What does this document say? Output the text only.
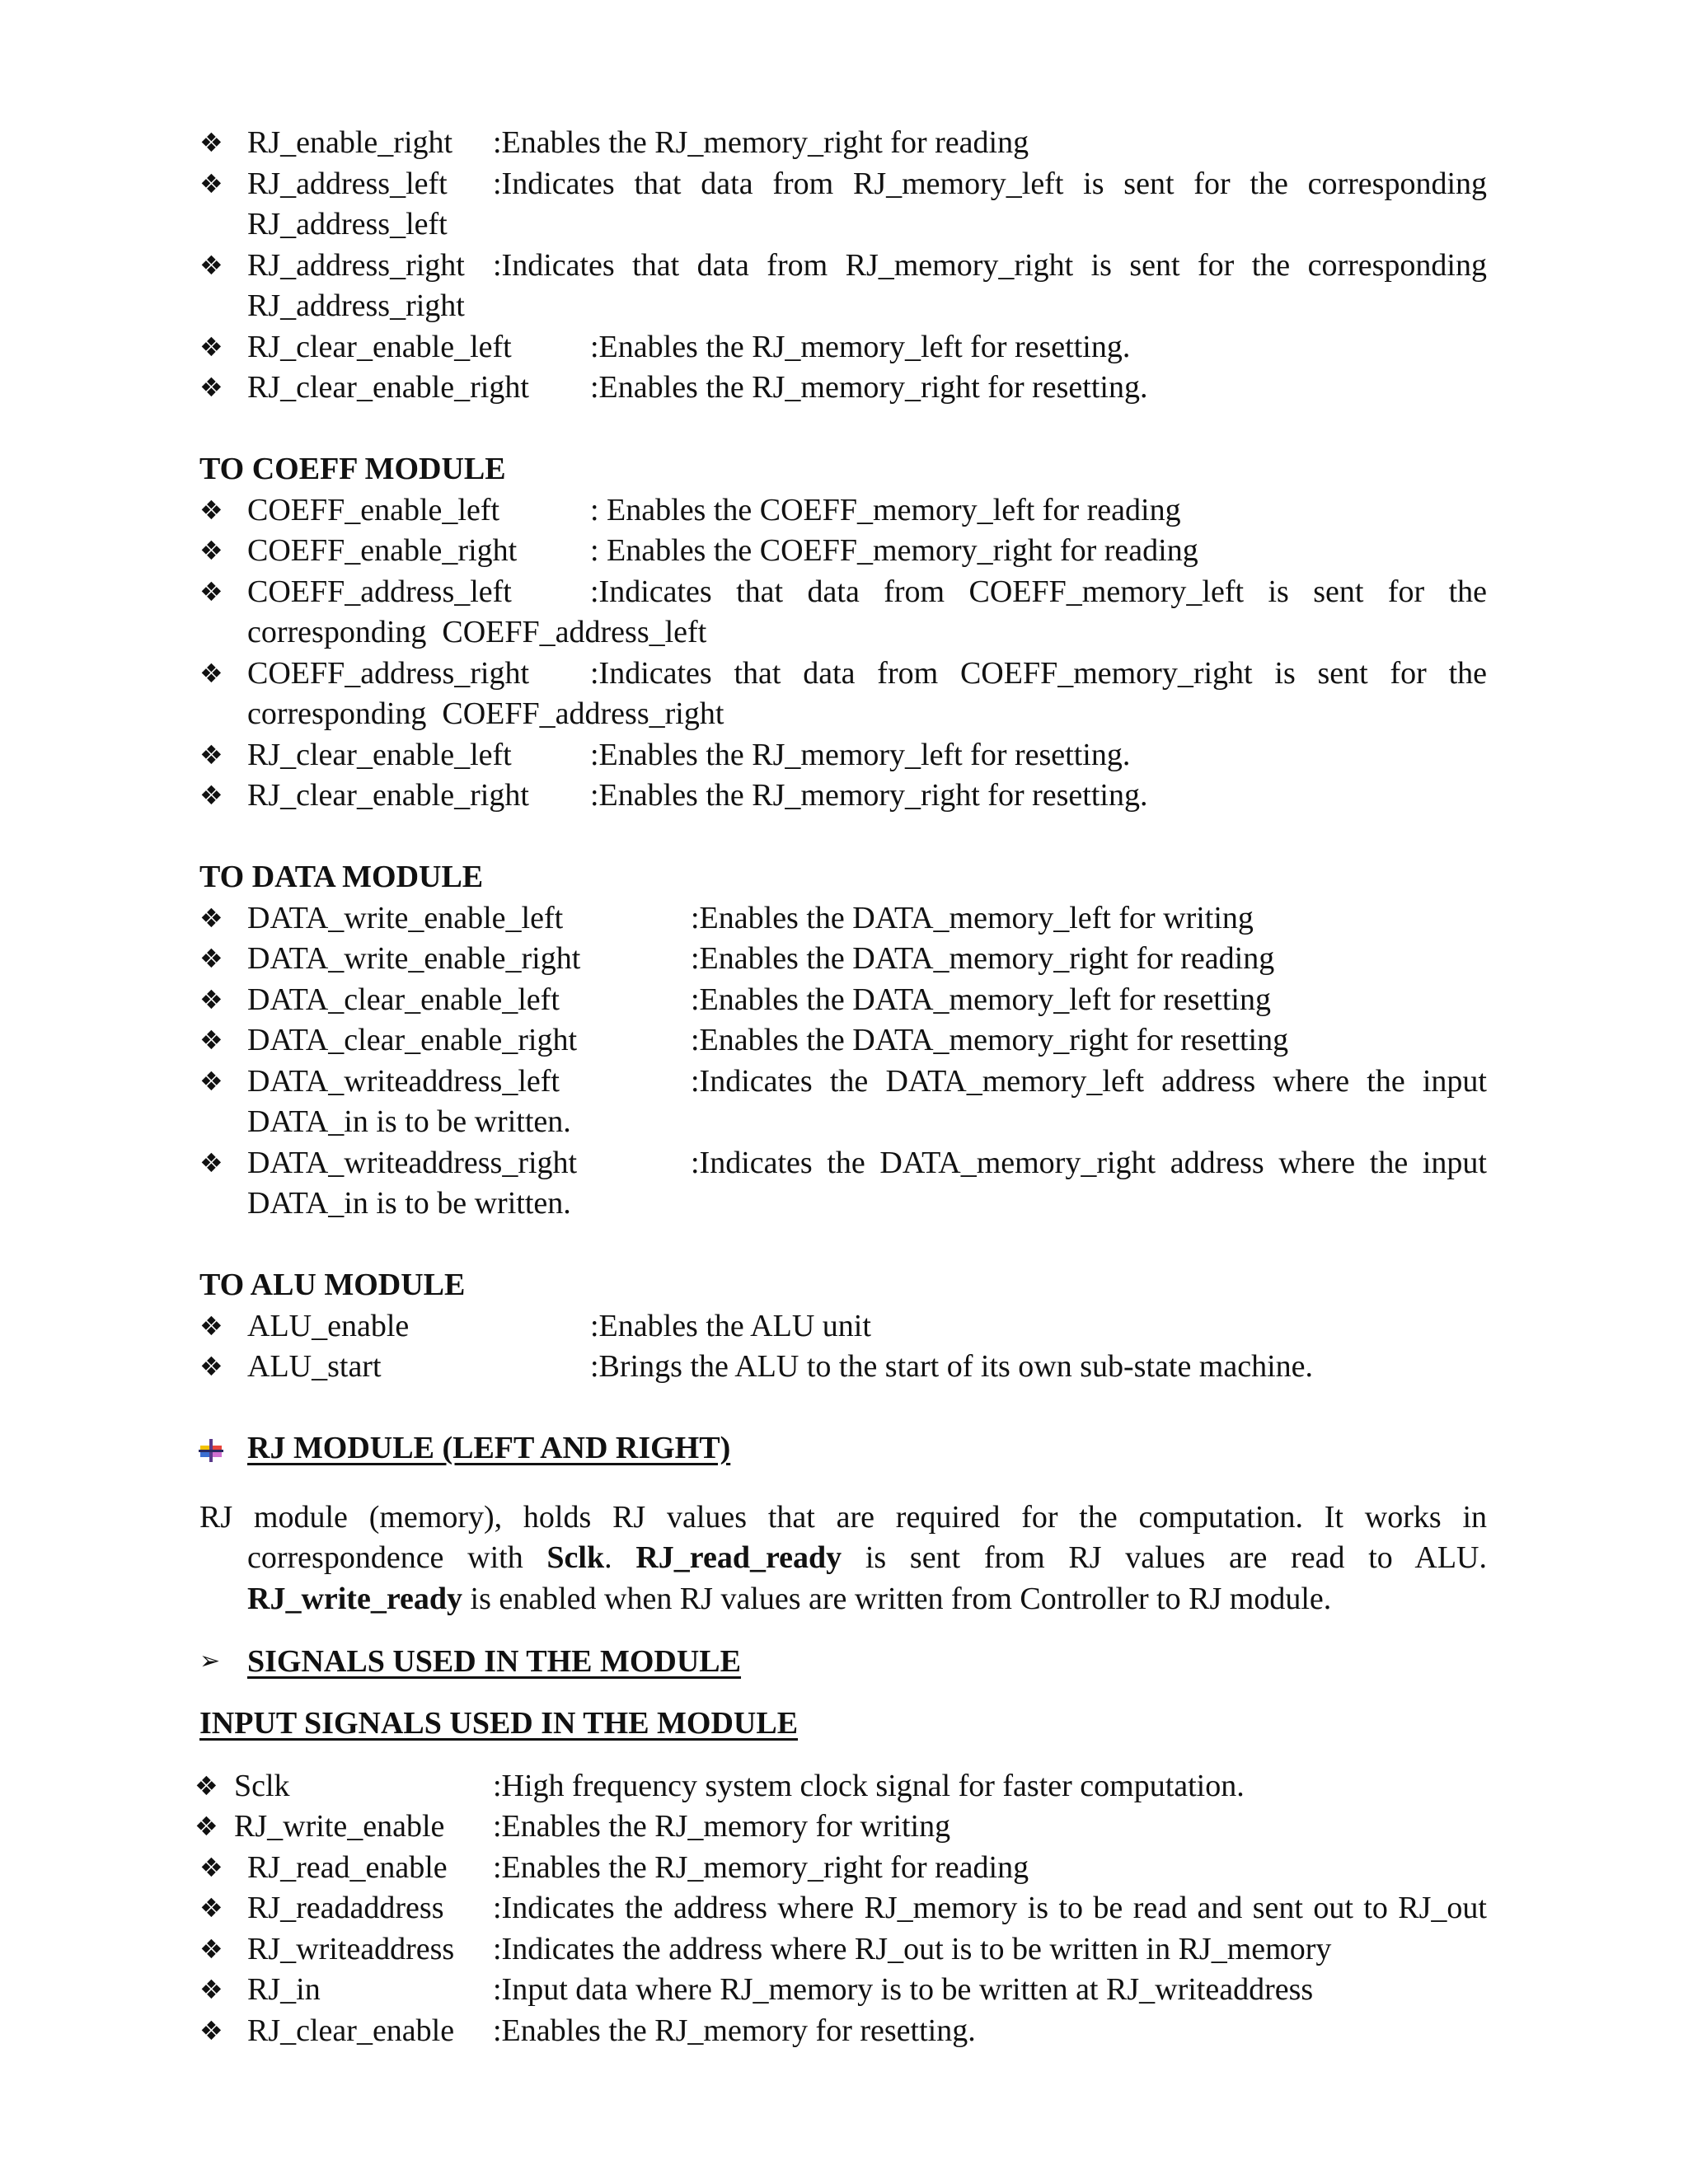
❖ RJ_enable_right :Enables the RJ_memory_right for reading
❖ RJ_address_left :Indicates that data from RJ_memory_left is sent for the corresponding
RJ_address_left
❖ RJ_address_right :Indicates that data from RJ_memory_right is sent for the corresponding
RJ_address_right
❖ RJ_clear_enable_left	:Enables the RJ_memory_left for resetting.
❖ RJ_clear_enable_right :Enables the RJ_memory_right for resetting.
TO COEFF MODULE
❖ COEFF_enable_left	: Enables the COEFF_memory_left for reading
❖ COEFF_enable_right : Enables the COEFF_memory_right for reading
❖ COEFF_address_left	:Indicates that data from COEFF_memory_left is sent for the
corresponding  COEFF_address_left
❖ COEFF_address_right :Indicates that data from COEFF_memory_right is sent for the
corresponding  COEFF_address_right
❖ RJ_clear_enable_left	:Enables the RJ_memory_left for resetting.
❖ RJ_clear_enable_right :Enables the RJ_memory_right for resetting.
TO DATA MODULE
❖ DATA_write_enable_left	:Enables the DATA_memory_left for writing
❖ DATA_write_enable_right	:Enables the DATA_memory_right for reading
❖ DATA_clear_enable_left	:Enables the DATA_memory_left for resetting
❖ DATA_clear_enable_right	:Enables the DATA_memory_right for resetting
❖ DATA_writeaddress_left	:Indicates the DATA_memory_left address where the input
DATA_in is to be written.
❖ DATA_writeaddress_right	:Indicates the DATA_memory_right address where the input
DATA_in is to be written.
TO ALU MODULE
❖ ALU_enable	:Enables the ALU unit
❖ ALU_start	:Brings the ALU to the start of its own sub-state machine.
RJ MODULE (LEFT AND RIGHT)
RJ module (memory), holds RJ values that are required for the computation. It works in
correspondence with Sclk. RJ_read_ready is sent from RJ values are read to ALU.
RJ_write_ready is enabled when RJ values are written from Controller to RJ module.
➢ SIGNALS USED IN THE MODULE
INPUT SIGNALS USED IN THE MODULE
❖ Sclk	:High frequency system clock signal for faster computation.
❖ RJ_write_enable :Enables the RJ_memory for writing
❖ RJ_read_enable :Enables the RJ_memory_right for reading
❖ RJ_readaddress :Indicates the address where RJ_memory is to be read and sent out to RJ_out
❖ RJ_writeaddress :Indicates the address where RJ_out is to be written in RJ_memory
❖ RJ_in	:Input data where RJ_memory is to be written at RJ_writeaddress
❖ RJ_clear_enable :Enables the RJ_memory for resetting.
